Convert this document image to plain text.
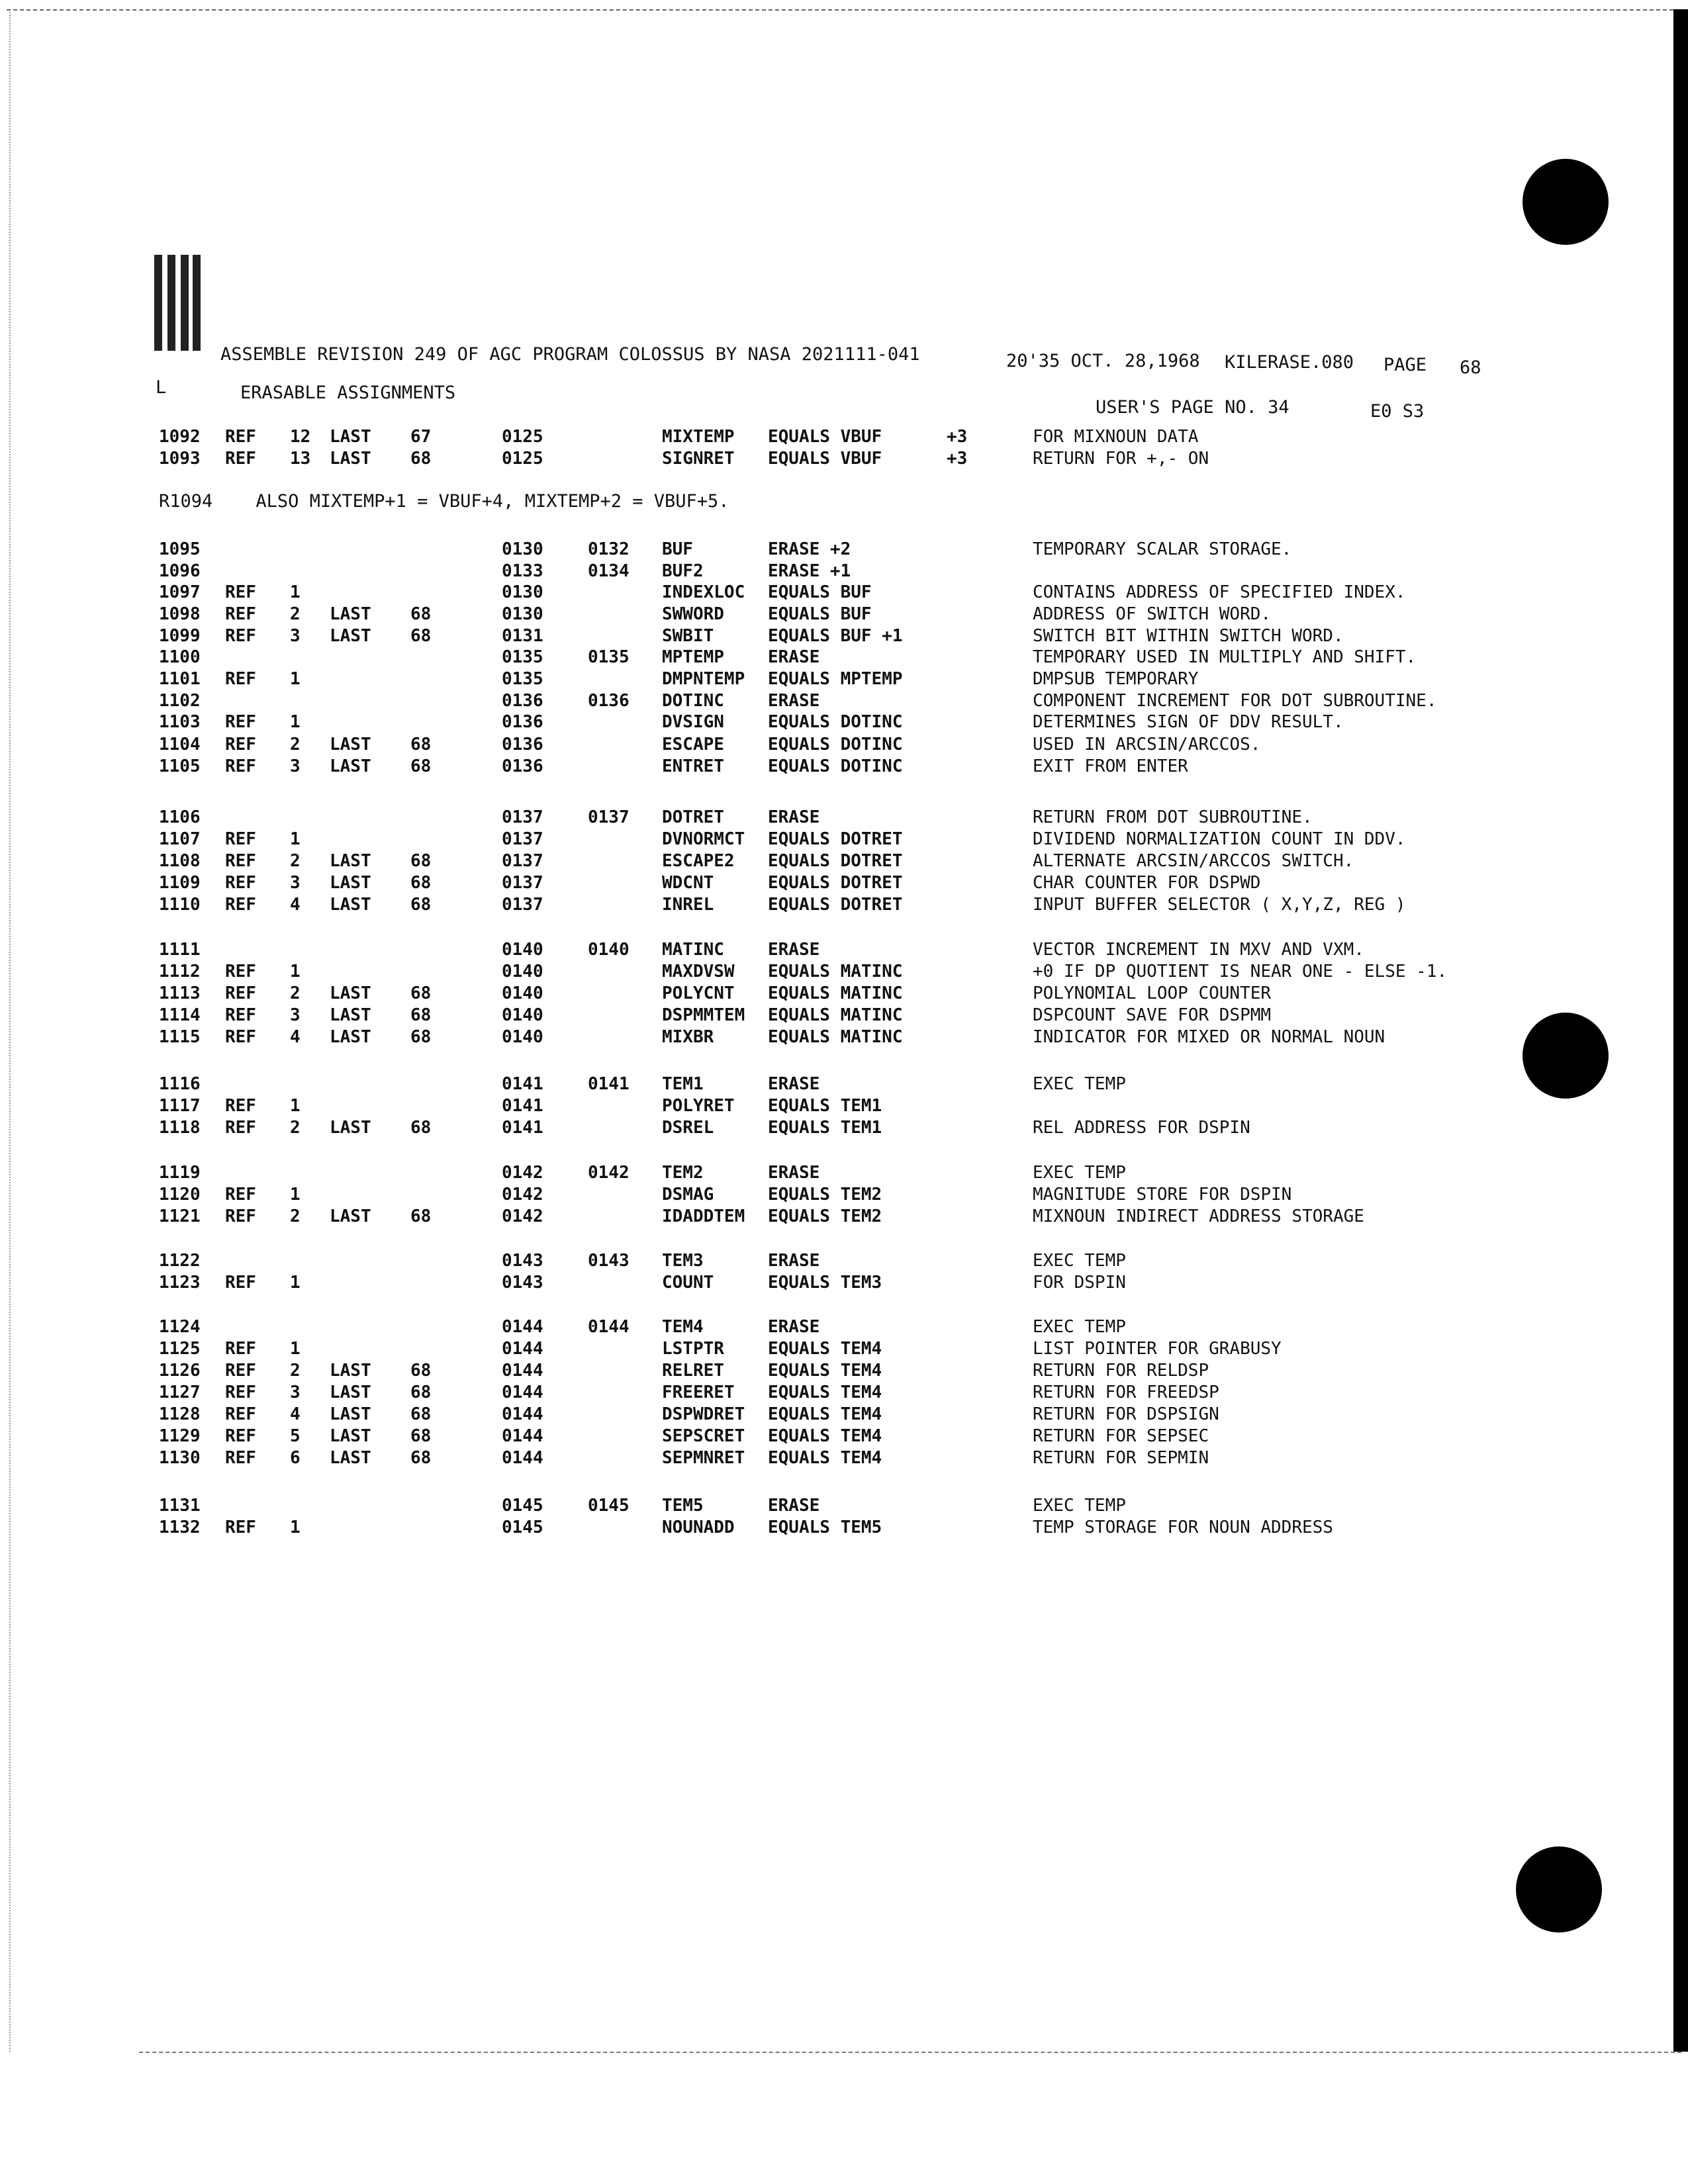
ASSEMBLE REVISION 249 OF AGC PROGRAM COLOSSUS BY NASA 2021111-041	20'35 OCT. 28,1968 KILERASE.080 PAGE 68
L	ERASABLE ASSIGNMENTS
USER'S PAGE NO. 34	E0 S3
1092 REF 12 LAST 67	0125	MIXTEMP EQUALS VBUF	+3	FOR MIXNOUN DATA
1093 REF 13 LAST 68	0125	SIGNRET EQUALS VBUF	+3	RETURN FOR +,- ON
1095	0130	0132 BUF	ERASE +2	TEMPORARY SCALAR STORAGE.
1096	0133	0134 BUF2	ERASE +1
1097 REF 1	0130	INDEXLOC EQUALS BUF	CONTAINS ADDRESS OF SPECIFIED INDEX.
1098 REF 2 LAST 68	0130	SWWORD	EQUALS BUF	ADDRESS OF SWITCH WORD.
1099 REF 3 LAST 68	0131	SWBIT	EQUALS BUF +1	SWITCH BIT WITHIN SWITCH WORD.
1100	0135	0135 MPTEMP	ERASE	TEMPORARY USED IN MULTIPLY AND SHIFT.
1101 REF 1	0135	DMPNTEMP EQUALS MPTEMP	DMPSUB TEMPORARY
1102	0136	0136 DOTINC	ERASE	COMPONENT INCREMENT FOR DOT SUBROUTINE.
1103 REF 1	0136	DVSIGN	EQUALS DOTINC	DETERMINES SIGN OF DDV RESULT.
1104 REF 2 LAST 68	0136	ESCAPE	EQUALS DOTINC	USED IN ARCSIN/ARCCOS.
1105 REF 3 LAST 68	0136	ENTRET	EQUALS DOTINC	EXIT FROM ENTER
1106	0137	0137 DOTRET	ERASE	RETURN FROM DOT SUBROUTINE.
1107 REF 1	0137	DVNORMCT EQUALS DOTRET	DIVIDEND NORMALIZATION COUNT IN DDV.
1108 REF 2 LAST 68	0137	ESCAPE2 EQUALS DOTRET	ALTERNATE ARCSIN/ARCCOS SWITCH.
1109 REF 3 LAST 68	0137	WDCNT	EQUALS DOTRET	CHAR COUNTER FOR DSPWD
1110 REF 4 LAST 68	0137	INREL	EQUALS DOTRET	INPUT BUFFER SELECTOR ( X,Y,Z, REG )
1111	0140	0140 MATINC	ERASE	VECTOR INCREMENT IN MXV AND VXM.
1112 REF 1	0140	MAXDVSW EQUALS MATINC	+0 IF DP QUOTIENT IS NEAR ONE - ELSE -1.
1113 REF 2 LAST 68	0140	POLYCNT EQUALS MATINC	POLYNOMIAL LOOP COUNTER
1114 REF 3 LAST 68	0140	DSPMMTEM EQUALS MATINC	DSPCOUNT SAVE FOR DSPMM
1115 REF 4 LAST 68	0140	MIXBR	EQUALS MATINC	INDICATOR FOR MIXED OR NORMAL NOUN
1116	0141	0141 TEM1	ERASE	EXEC TEMP
1117 REF 1	0141	POLYRET EQUALS TEM1
1118 REF 2 LAST 68	0141	DSREL	EQUALS TEM1	REL ADDRESS FOR DSPIN
1119	0142	0142 TEM2	ERASE	EXEC TEMP
1120 REF 1	0142	DSMAG	EQUALS TEM2	MAGNITUDE STORE FOR DSPIN
1121 REF 2 LAST 68	0142	IDADDTEM EQUALS TEM2	MIXNOUN INDIRECT ADDRESS STORAGE
1122	0143	0143 TEM3	ERASE	EXEC TEMP
1123 REF 1	0143	COUNT	EQUALS TEM3	FOR DSPIN
1124	0144	0144 TEM4	ERASE	EXEC TEMP
1125 REF 1	0144	LSTPTR	EQUALS TEM4	LIST POINTER FOR GRABUSY
1126 REF 2 LAST 68	0144	RELRET	EQUALS TEM4	RETURN FOR RELDSP
1127 REF 3 LAST 68	0144	FREERET EQUALS TEM4	RETURN FOR FREEDSP
1128 REF 4 LAST 68	0144	DSPWDRET EQUALS TEM4	RETURN FOR DSPSIGN
1129 REF 5 LAST 68	0144	SEPSCRET EQUALS TEM4	RETURN FOR SEPSEC
1130 REF 6 LAST 68	0144	SEPMNRET EQUALS TEM4	RETURN FOR SEPMIN
1131	0145	0145 TEM5	ERASE	EXEC TEMP
1132 REF 1	0145	NOUNADD EQUALS TEM5	TEMP STORAGE FOR NOUN ADDRESS
R1094 ALSO MIXTEMP+1 = VBUF+4, MIXTEMP+2 = VBUF+5.
